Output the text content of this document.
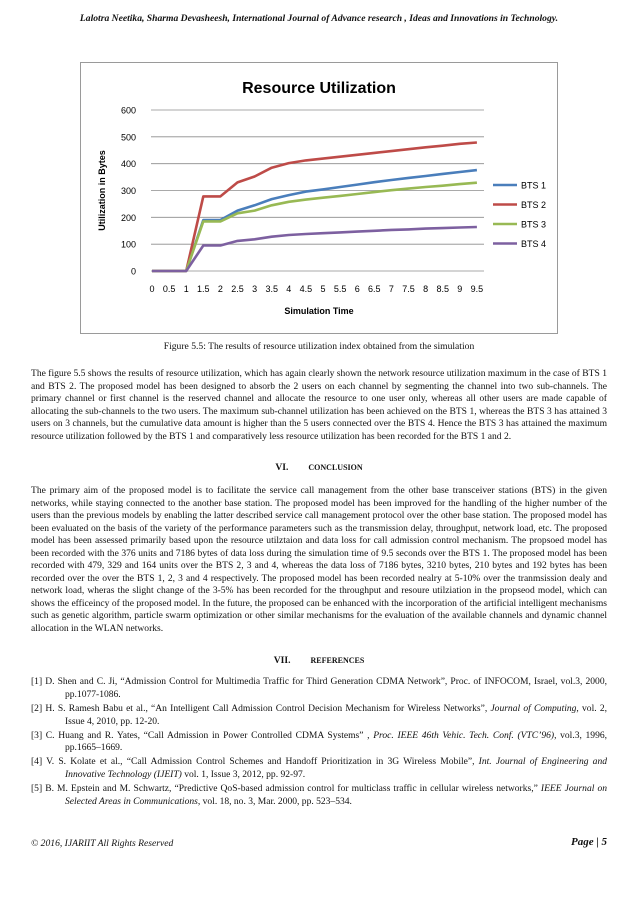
Lalotra Neetika, Sharma Devasheesh, International Journal of Advance research , Ideas and Innovations in Technology.
Resource Utilization
0
100
200
300
400
500
600
0 0.5 1 1.5 2 2.5 3 3.5 4 4.5 5 5.5 6 6.5 7 7.5 8 8.5 9 9.5
Simulation Time
Utilization in Bytes	BTS 1
BTS 2
BTS 3
BTS 4
Figure 5.5: The results of resource utilization index obtained from the simulation

The figure 5.5 shows the results of resource utilization, which has again clearly shown the network resource utilization maximum in the case of BTS 1 and BTS 2. The proposed model has been designed to absorb the 2 users on each channel by segmenting the channel into two sub-channels. The primary channel or first channel is the reserved channel and allocate the resource to one user only, whereas all other users are made capable of allocating the sub-channels to the two users. The maximum sub-channel utilization has been achieved on the BTS 1, whereas the BTS 3 has attained 3 users on 3 channels, but the cumulative data amount is higher than the 5 users connected over the BTS 4. Hence the BTS 3 has attained the maximum resource utilization followed by the BTS 1 and comparatively less resource utilization has been recorded for the BTS 1 and 2.

VI.	CONCLUSION

The primary aim of the proposed model is to facilitate the service call management from the other base transceiver stations (BTS) in the given networks, while staying connected to the another base station. The proposed model has been improved for the handling of the higher number of the users than the previous models by enabling the latter described service call management protocol over the other base station. The proposed model has been evaluated on the basis of the variety of the performance parameters such as the transmission delay, throughput, network load, etc. The proposed model has been assessed primarily based upon the resource utilztaion and data loss for call admission control mechanism. The propsoed model has been recorded with the 376 units and 7186 bytes of data loss during the simulation time of 9.5 seconds over the BTS 1. The proposed model has been recorded with 479, 329 and 164 units over the BTS 2, 3 and 4, whereas the data loss of 7186 bytes, 3210 bytes, 210 bytes and 192 bytes has been recorded over the over the BTS 1, 2, 3 and 4 respectively. The proposed model has been recorded nealry at 5-10% over the tranmsission dealy and network load, wheras the slight change of the 3-5% has been recorded for the throughput and resoure utilziation in the propseod model, which can shows the efficeincy of the proposed model. In the future, the proposed can be enhanced with the incorporation of the artificial intelligent mechanisms such as genetic algorithm, particle swarm optimization or other similar mechanisms for the evaluation of the available channels and dynamic channel allocation in the WLAN networks.

VII.	REFERENCES
[1] D. Shen and C. Ji, “Admission Control for Multimedia Traffic for Third Generation CDMA Network”, Proc. of INFOCOM, Israel, vol.3, 2000, pp.1077-1086.
[2] H. S. Ramesh Babu et al., “An Intelligent Call Admission Control Decision Mechanism for Wireless Networks”, Journal of Computing, vol. 2, Issue 4, 2010, pp. 12-20.
[3] C. Huang and R. Yates, “Call Admission in Power Controlled CDMA Systems” , Proc. IEEE 46th Vehic. Tech. Conf. (VTC’96), vol.3, 1996, pp.1665–1669.
[4] V. S. Kolate et al., “Call Admission Control Schemes and Handoff Prioritization in 3G Wireless Mobile”, Int. Journal of Engineering and Innovative Technology (IJEIT) vol. 1, Issue 3, 2012, pp. 92-97.
[5] B. M. Epstein and M. Schwartz, “Predictive QoS-based admission control for multiclass traffic in cellular wireless networks,” IEEE Journal on Selected Areas in Communications, vol. 18, no. 3, Mar. 2000, pp. 523–534.
© 2016, IJARIIT All Rights Reserved	Page | 5
